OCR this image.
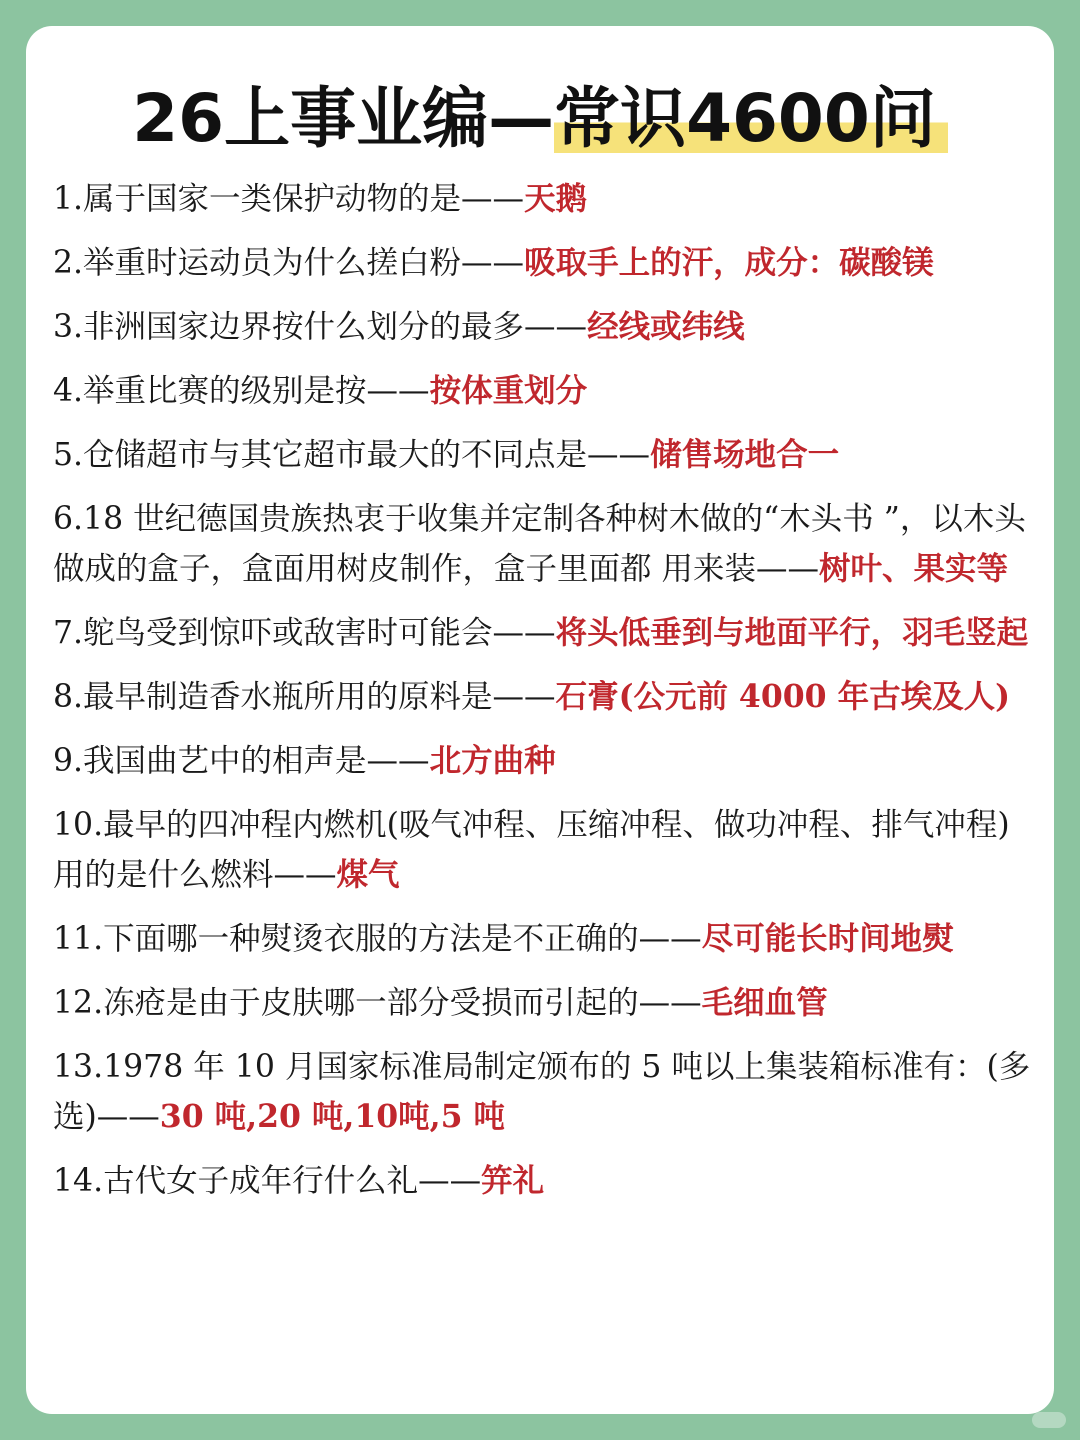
26上事业编—常识4600问
1.属于国家一类保护动物的是——天鹅
2.举重时运动员为什么搓白粉——吸取手上的汗，成分：碳酸镁
3.非洲国家边界按什么划分的最多——经线或纬线
4.举重比赛的级别是按——按体重划分
5.仓储超市与其它超市最大的不同点是——储售场地合一
6.18 世纪德国贵族热衷于收集并定制各种树木做的“木头书 ”，以木头做成的盒子，盒面用树皮制作，盒子里面都 用来装——树叶、果实等
7.鸵鸟受到惊吓或敌害时可能会——将头低垂到与地面平行，羽毛竖起
8.最早制造香水瓶所用的原料是——石膏(公元前 4000 年古埃及人)
9.我国曲艺中的相声是——北方曲种
10.最早的四冲程内燃机(吸气冲程、压缩冲程、做功冲程、排气冲程)用的是什么燃料——煤气
11.下面哪一种熨烫衣服的方法是不正确的——尽可能长时间地熨
12.冻疮是由于皮肤哪一部分受损而引起的——毛细血管
13.1978 年 10 月国家标准局制定颁布的 5 吨以上集装箱标准有：(多选)——30 吨,20 吨,10吨,5 吨
14.古代女子成年行什么礼——笄礼
